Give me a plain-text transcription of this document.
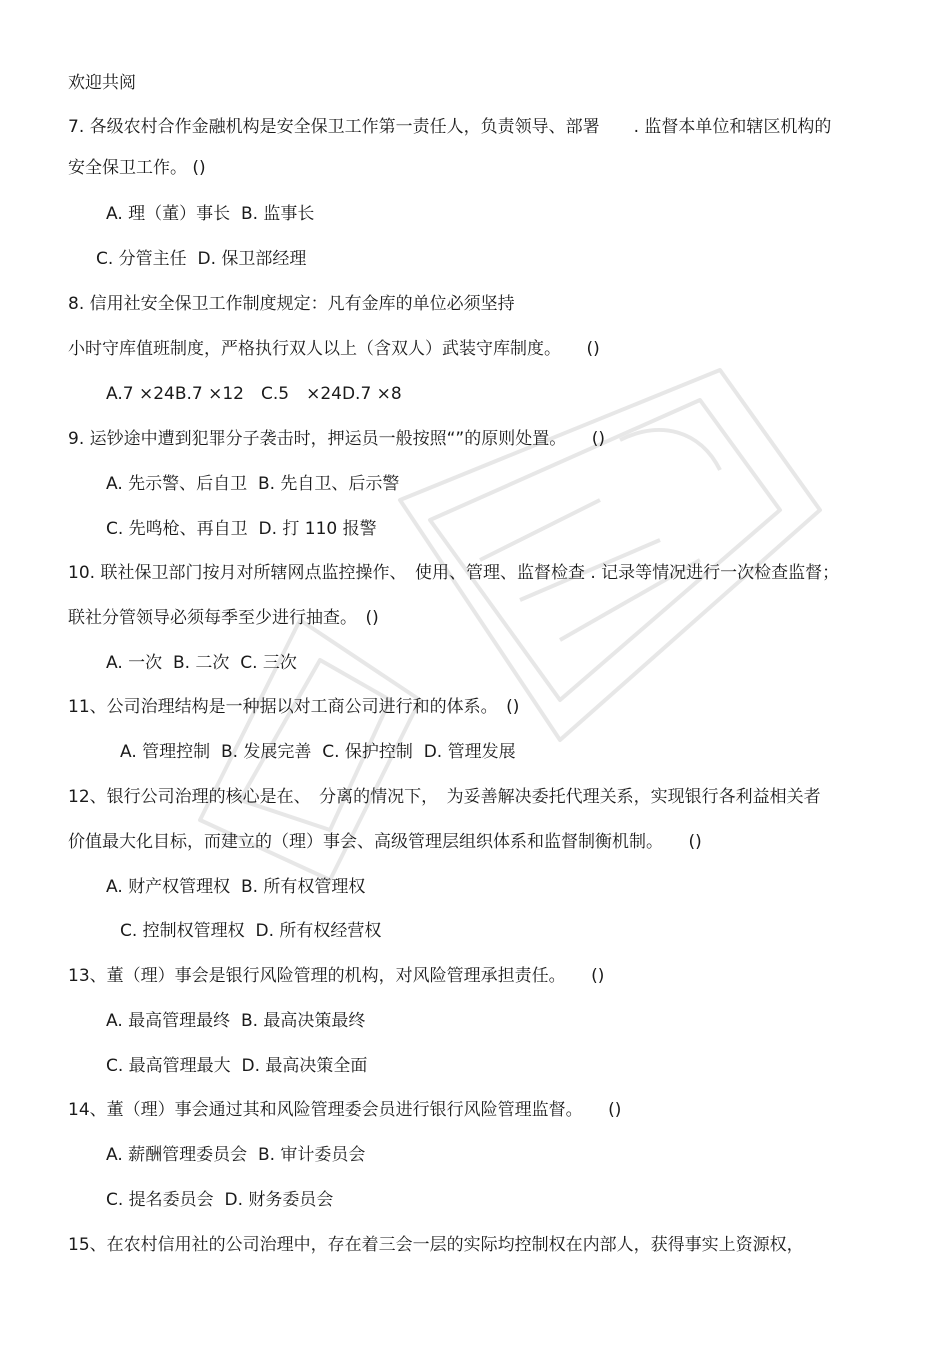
欢迎共阅
7. 各级农村合作金融机构是安全保卫工作第一责任人，负责领导、部署　　. 监督本单位和辖区机构的
安全保卫工作。 ()
A. 理（董）事长  B. 监事长
C. 分管主任  D. 保卫部经理
8. 信用社安全保卫工作制度规定：凡有金库的单位必须坚持
小时守库值班制度，严格执行双人以上（含双人）武装守库制度。　　()
A.7 ×24B.7 ×12　C.5　×24D.7 ×8
9. 运钞途中遭到犯罪分子袭击时，押运员一般按照“”的原则处置。　　()
A. 先示警、后自卫  B. 先自卫、后示警
C. 先鸣枪、再自卫  D. 打 110 报警
10. 联社保卫部门按月对所辖网点监控操作、　使用、管理、监督检查 . 记录等情况进行一次检查监督；
联社分管领导必须每季至少进行抽查。　()
A. 一次  B. 二次  C. 三次
11、公司治理结构是一种据以对工商公司进行和的体系。　()
A. 管理控制  B. 发展完善  C. 保护控制  D. 管理发展
12、银行公司治理的核心是在、　分离的情况下，　为妥善解决委托代理关系，实现银行各利益相关者
价值最大化目标，而建立的（理）事会、高级管理层组织体系和监督制衡机制。　　()
A. 财产权管理权  B. 所有权管理权
C. 控制权管理权  D. 所有权经营权
13、董（理）事会是银行风险管理的机构，对风险管理承担责任。　　()
A. 最高管理最终  B. 最高决策最终
C. 最高管理最大  D. 最高决策全面
14、董（理）事会通过其和风险管理委会员进行银行风险管理监督。　　()
A. 薪酬管理委员会  B. 审计委员会
C. 提名委员会  D. 财务委员会
15、在农村信用社的公司治理中，存在着三会一层的实际均控制权在内部人，获得事实上资源权，
